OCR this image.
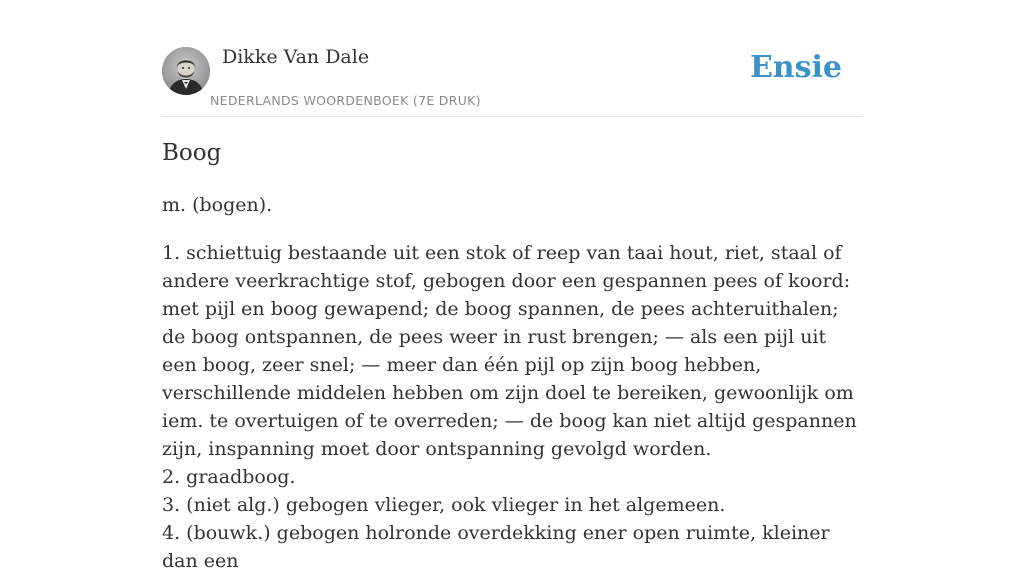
Dikke Van Dale
NEDERLANDS WOORDENBOEK (7E DRUK)
Ensie
Boog
m. (bogen).

1. schiettuig bestaande uit een stok of reep van taai hout, riet, staal of andere veerkrachtige stof, gebogen door een gespannen pees of koord: met pijl en boog gewapend; de boog spannen, de pees achteruithalen; de boog ontspannen, de pees weer in rust brengen; — als een pijl uit een boog, zeer snel; — meer dan één pijl op zijn boog hebben, verschillende middelen hebben om zijn doel te bereiken, gewoonlijk om iem. te overtuigen of te overreden; — de boog kan niet altijd gespannen zijn, inspanning moet door ontspanning gevolgd worden.

2. graadboog.

3. (niet alg.) gebogen vlieger, ook vlieger in het algemeen.

4. (bouwk.) gebogen holronde overdekking ener open ruimte, kleiner dan een
